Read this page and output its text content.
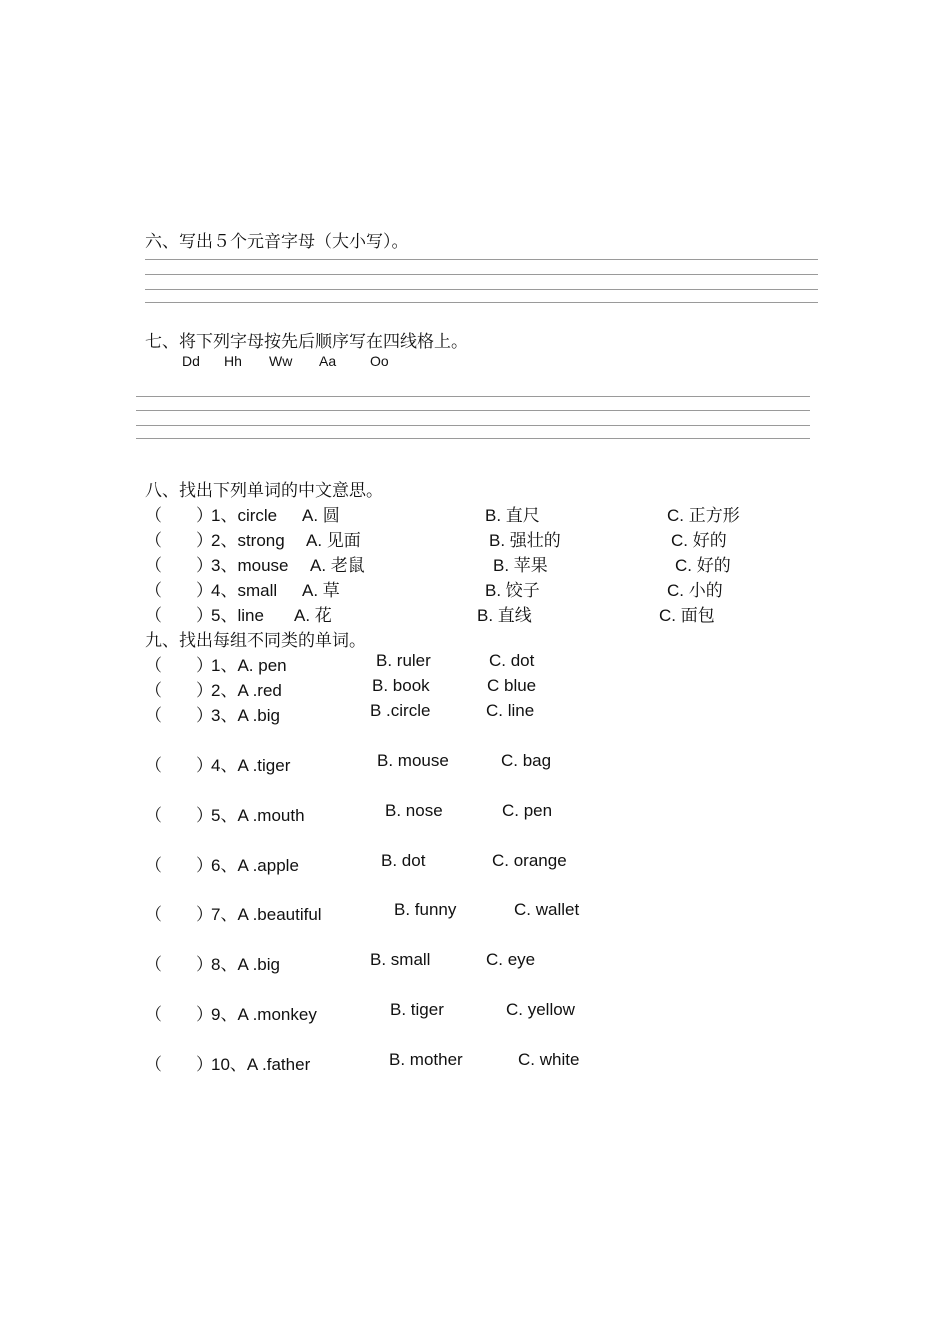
六、写出５个元音字母（大小写）。
七、将下列字母按先后顺序写在四线格上。
Dd Hh Ww Aa Oo
八、找出下列单词的中文意思。
（　　）
1、circle A. 圆	B. 直尺	C. 正方形
（　　）
2、strong A. 见面	B. 强壮的	C. 好的
（　　）
3、mouse A. 老鼠	B. 苹果	C. 好的
（　　）
4、small A. 草	B. 饺子	C. 小的
（　　）
5、line A. 花	B. 直线	C. 面包
九、找出每组不同类的单词。
（　　）
1、A. pen	B. ruler	C. dot
（　　）
2、A .red	B. book	C blue
（　　）
3、A .big	B .circle	C. line
（　　）
4、A .tiger	B. mouse	C. bag
（　　）
5、A .mouth	B. nose	C. pen
（　　）
6、A .apple	B. dot	C. orange
（　　）
7、A .beautiful	B. funny	C. wallet
（　　）
8、A .big	B. small	C. eye
（　　）
9、A .monkey	B. tiger	C. yellow
（　　）
10、A .father	B. mother	C. white
